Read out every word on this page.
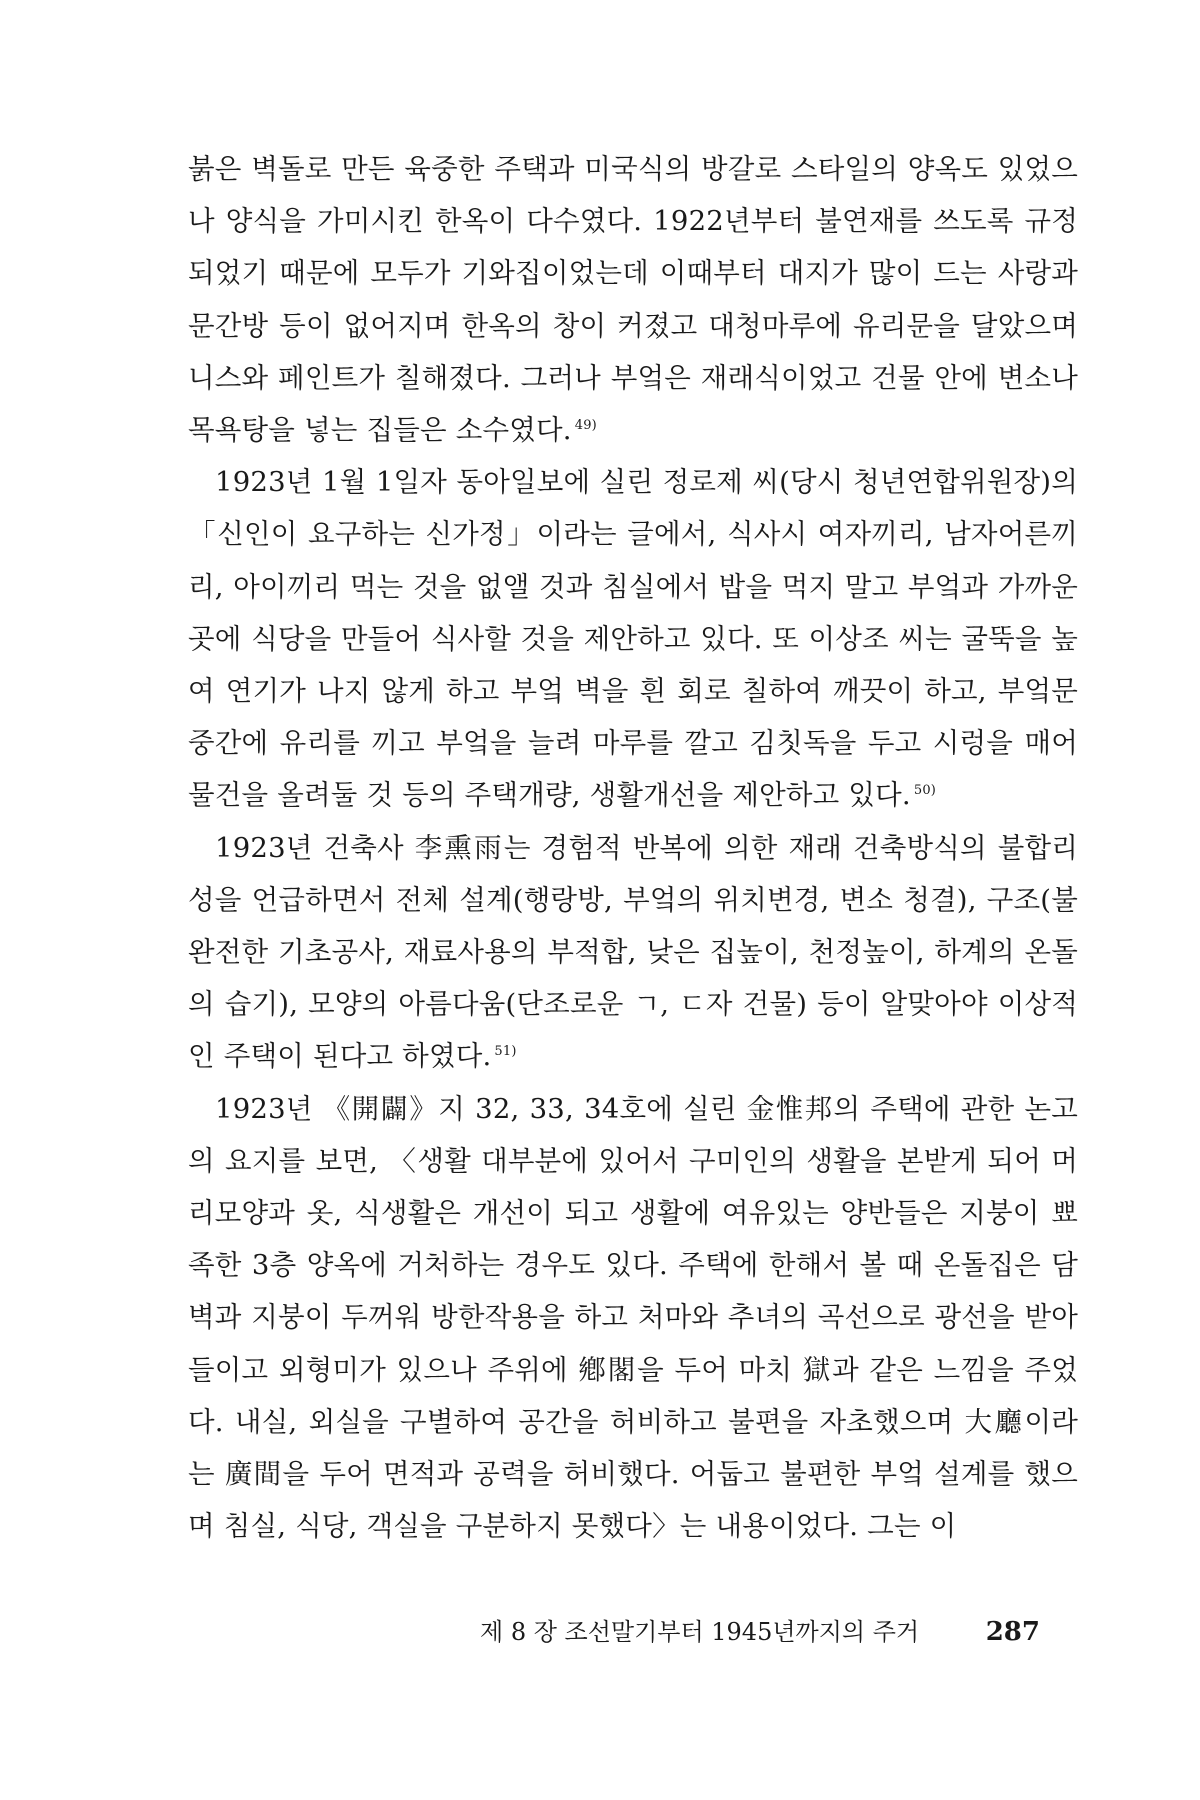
붉은 벽돌로 만든 육중한 주택과 미국식의 방갈로 스타일의 양옥도 있었으나 양식을 가미시킨 한옥이 다수였다. 1922년부터 불연재를 쓰도록 규정되었기 때문에 모두가 기와집이었는데 이때부터 대지가 많이 드는 사랑과 문간방 등이 없어지며 한옥의 창이 커졌고 대청마루에 유리문을 달았으며 니스와 페인트가 칠해졌다. 그러나 부엌은 재래식이었고 건물 안에 변소나 목욕탕을 넣는 집들은 소수였다. $^{49)}$

1923년 1월 1일자 동아일보에 실린 정로제 씨(당시 청년연합위원장)의 「신인이 요구하는 신가정」이라는 글에서, 식사시 여자끼리, 남자어른끼리, 아이끼리 먹는 것을 없앨 것과 침실에서 밥을 먹지 말고 부엌과 가까운 곳에 식당을 만들어 식사할 것을 제안하고 있다. 또 이상조 씨는 굴뚝을 높여 연기가 나지 않게 하고 부엌 벽을 흰 회로 칠하여 깨끗이 하고, 부엌문 중간에 유리를 끼고 부엌을 늘려 마루를 깔고 김칫독을 두고 시렁을 매어 물건을 올려둘 것 등의 주택개량, 생활개선을 제안하고 있다. $^{50)}$

1923년 건축사 李熏雨는 경험적 반복에 의한 재래 건축방식의 불합리성을 언급하면서 전체 설계(행랑방, 부엌의 위치변경, 변소 청결), 구조(불완전한 기초공사, 재료사용의 부적합, 낮은 집높이, 천정높이, 하계의 온돌의 습기), 모양의 아름다움(단조로운 ㄱ, ㄷ자 건물) 등이 알맞아야 이상적인 주택이 된다고 하였다. $^{51)}$

1923년 《開闢》지 32, 33, 34호에 실린 金惟邦의 주택에 관한 논고의 요지를 보면, 〈생활 대부분에 있어서 구미인의 생활을 본받게 되어 머리모양과 옷, 식생활은 개선이 되고 생활에 여유있는 양반들은 지붕이 뾰족한 3층 양옥에 거처하는 경우도 있다. 주택에 한해서 볼 때 온돌집은 담벽과 지붕이 두꺼워 방한작용을 하고 처마와 추녀의 곡선으로 광선을 받아들이고 외형미가 있으나 주위에 鄕閣을 두어 마치 獄과 같은 느낌을 주었다. 내실, 외실을 구별하여 공간을 허비하고 불편을 자초했으며 大廳이라는 廣間을 두어 면적과 공력을 허비했다. 어둡고 불편한 부엌 설계를 했으며 침실, 식당, 객실을 구분하지 못했다〉는 내용이었다. 그는 이

제 8 장 조선말기부터 1945년까지의 주거	287
